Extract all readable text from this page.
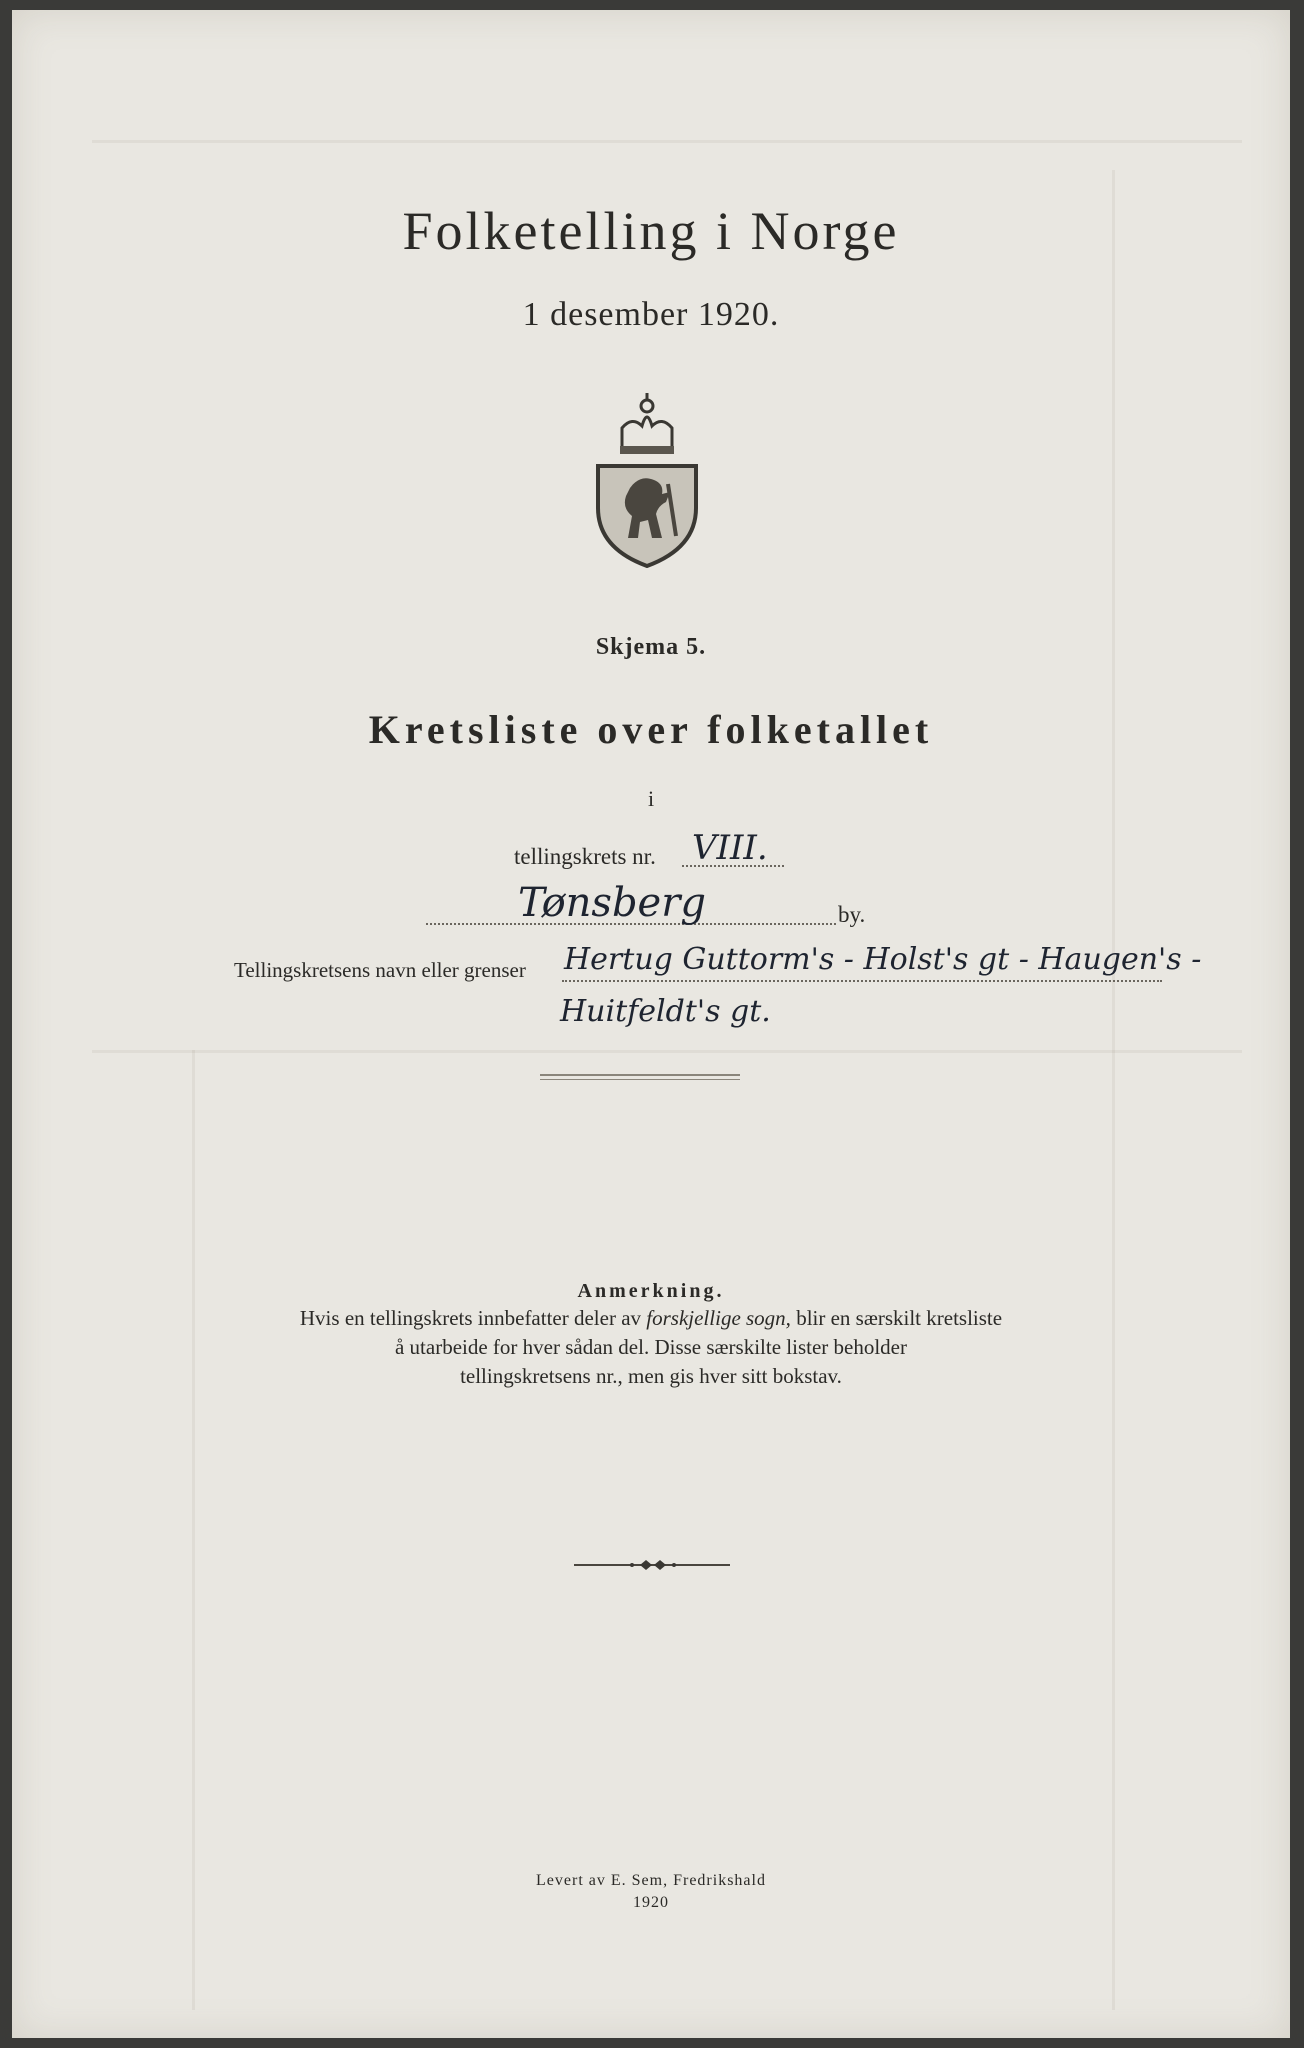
Folketelling i Norge
1 desember 1920.
Skjema 5.
Kretsliste over folketallet
i
tellingskrets nr. VIII.
Tønsberg	by.
Tellingskretsens navn eller grenser Hertug Guttorm's - Holst's gt - Haugen's -
Huitfeldt's gt.
Anmerkning.
Hvis en tellingskrets innbefatter deler av forskjellige sogn, blir en særskilt kretsliste
å utarbeide for hver sådan del. Disse særskilte lister beholder
tellingskretsens nr., men gis hver sitt bokstav.
Levert av E. Sem, Fredrikshald
1920
